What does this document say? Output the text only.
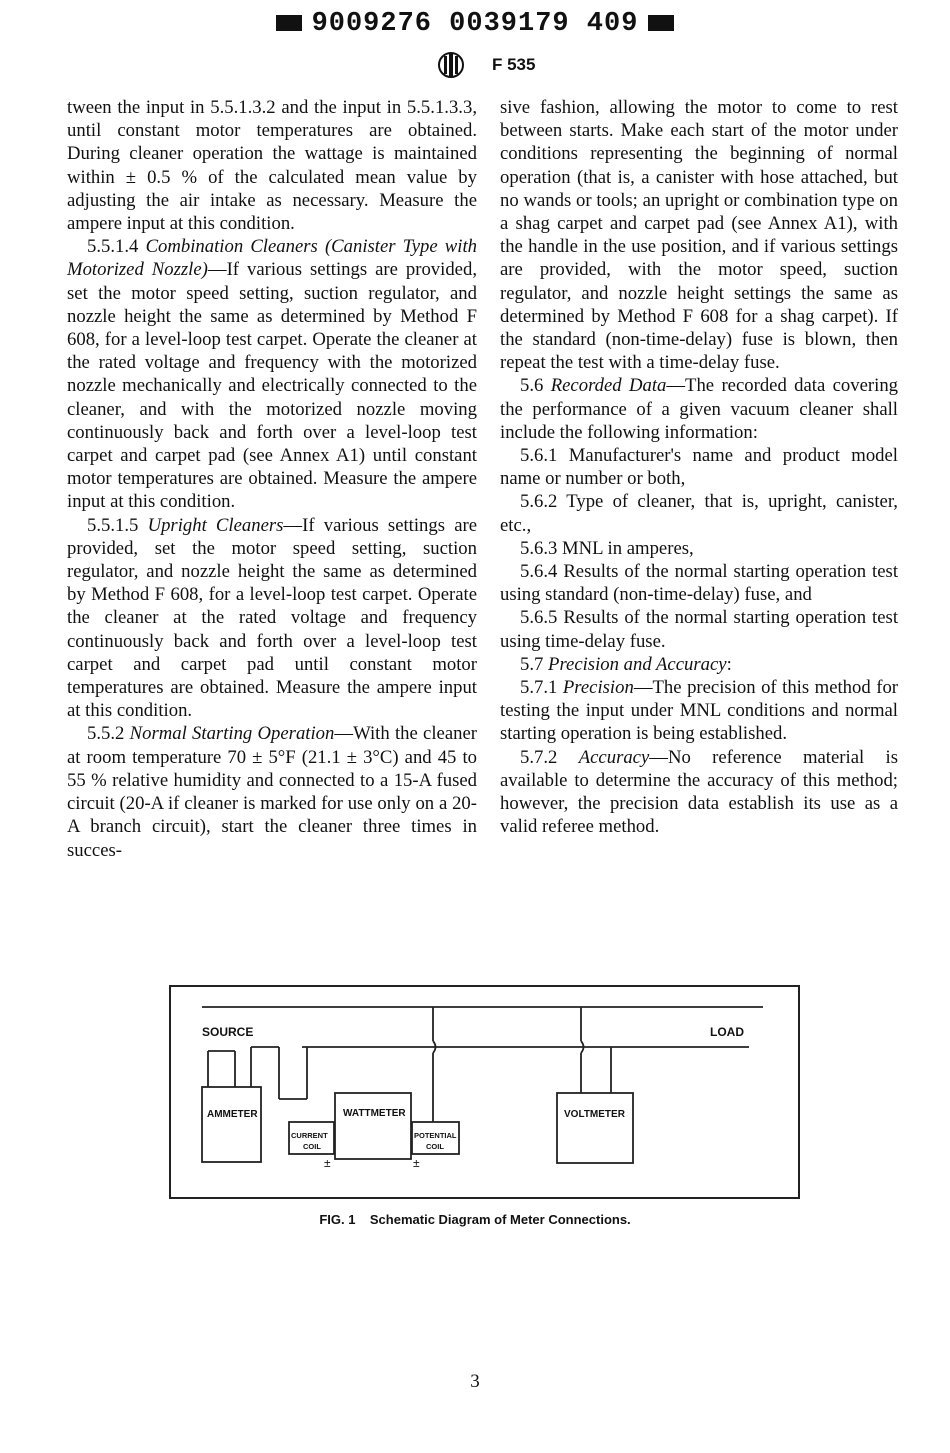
9009276 0039179 409
F 535

tween the input in 5.5.1.3.2 and the input in 5.5.1.3.3, until constant motor temperatures are obtained. During cleaner operation the wattage is maintained within ± 0.5 % of the calculated mean value by adjusting the air intake as necessary. Measure the ampere input at this condition.

5.5.1.4 Combination Cleaners (Canister Type with Motorized Nozzle)—If various settings are provided, set the motor speed setting, suction regulator, and nozzle height the same as determined by Method F 608, for a level-loop test carpet. Operate the cleaner at the rated voltage and frequency with the motorized nozzle mechanically and electrically connected to the cleaner, and with the motorized nozzle moving continuously back and forth over a level-loop test carpet and carpet pad (see Annex A1) until constant motor temperatures are obtained. Measure the ampere input at this condition.

5.5.1.5 Upright Cleaners—If various settings are provided, set the motor speed setting, suction regulator, and nozzle height the same as determined by Method F 608, for a level-loop test carpet. Operate the cleaner at the rated voltage and frequency continuously back and forth over a level-loop test carpet and carpet pad until constant motor temperatures are obtained. Measure the ampere input at this condition.

5.5.2 Normal Starting Operation—With the cleaner at room temperature 70 ± 5°F (21.1 ± 3°C) and 45 to 55 % relative humidity and connected to a 15-A fused circuit (20-A if cleaner is marked for use only on a 20-A branch circuit), start the cleaner three times in succes-

sive fashion, allowing the motor to come to rest between starts. Make each start of the motor under conditions representing the beginning of normal operation (that is, a canister with hose attached, but no wands or tools; an upright or combination type on a shag carpet and carpet pad (see Annex A1), with the handle in the use position, and if various settings are provided, with the motor speed, suction regulator, and nozzle height settings the same as determined by Method F 608 for a shag carpet). If the standard (non-time-delay) fuse is blown, then repeat the test with a time-delay fuse.

5.6 Recorded Data—The recorded data covering the performance of a given vacuum cleaner shall include the following information:

5.6.1 Manufacturer's name and product model name or number or both,

5.6.2 Type of cleaner, that is, upright, canister, etc.,

5.6.3 MNL in amperes,

5.6.4 Results of the normal starting operation test using standard (non-time-delay) fuse, and

5.6.5 Results of the normal starting operation test using time-delay fuse.

5.7 Precision and Accuracy:

5.7.1 Precision—The precision of this method for testing the input under MNL conditions and normal starting operation is being established.

5.7.2 Accuracy—No reference material is available to determine the accuracy of this method; however, the precision data establish its use as a valid referee method.

SOURCE	LOAD
AMMETER	WATTMETER	VOLTMETER
CURRENT
COIL
POTENTIAL
COIL
±	±
FIG. 1 Schematic Diagram of Meter Connections.
3
